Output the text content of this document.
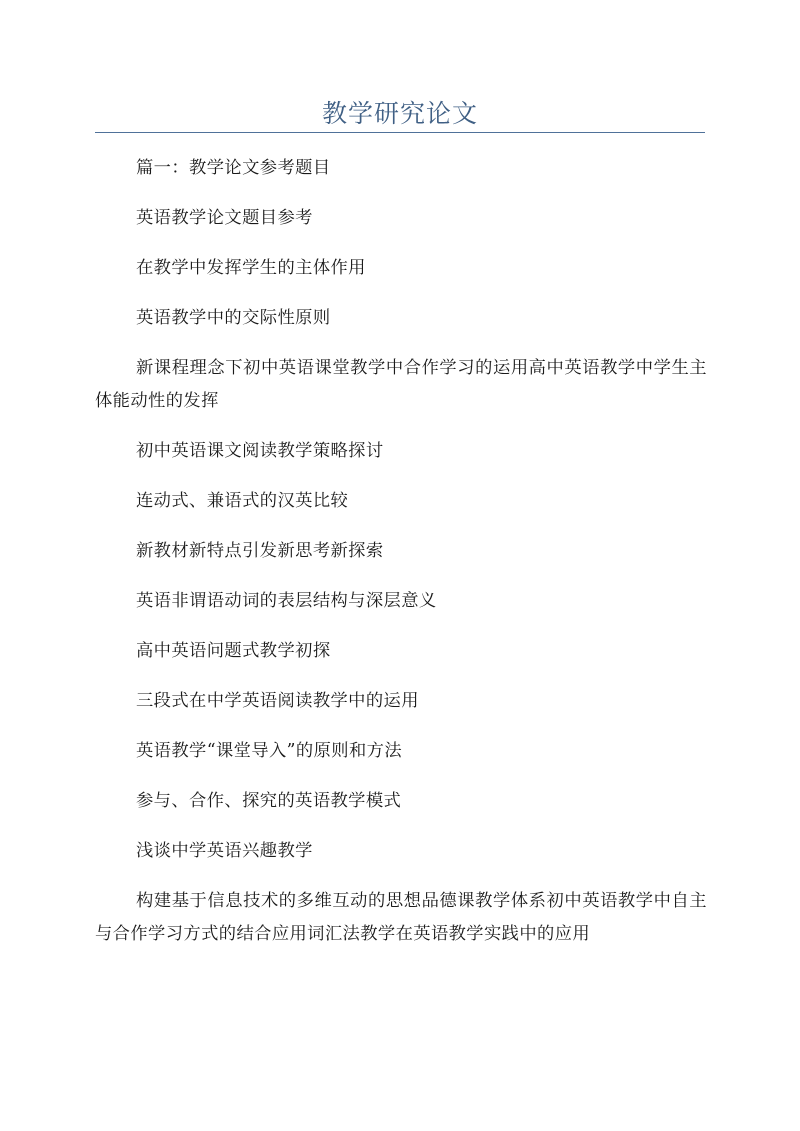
教学研究论文

篇一：教学论文参考题目

英语教学论文题目参考

在教学中发挥学生的主体作用

英语教学中的交际性原则

新课程理念下初中英语课堂教学中合作学习的运用高中英语教学中学生主体能动性的发挥

初中英语课文阅读教学策略探讨

连动式、兼语式的汉英比较

新教材新特点引发新思考新探索

英语非谓语动词的表层结构与深层意义

高中英语问题式教学初探

三段式在中学英语阅读教学中的运用

英语教学“课堂导入”的原则和方法

参与、合作、探究的英语教学模式

浅谈中学英语兴趣教学

构建基于信息技术的多维互动的思想品德课教学体系初中英语教学中自主与合作学习方式的结合应用词汇法教学在英语教学实践中的应用
